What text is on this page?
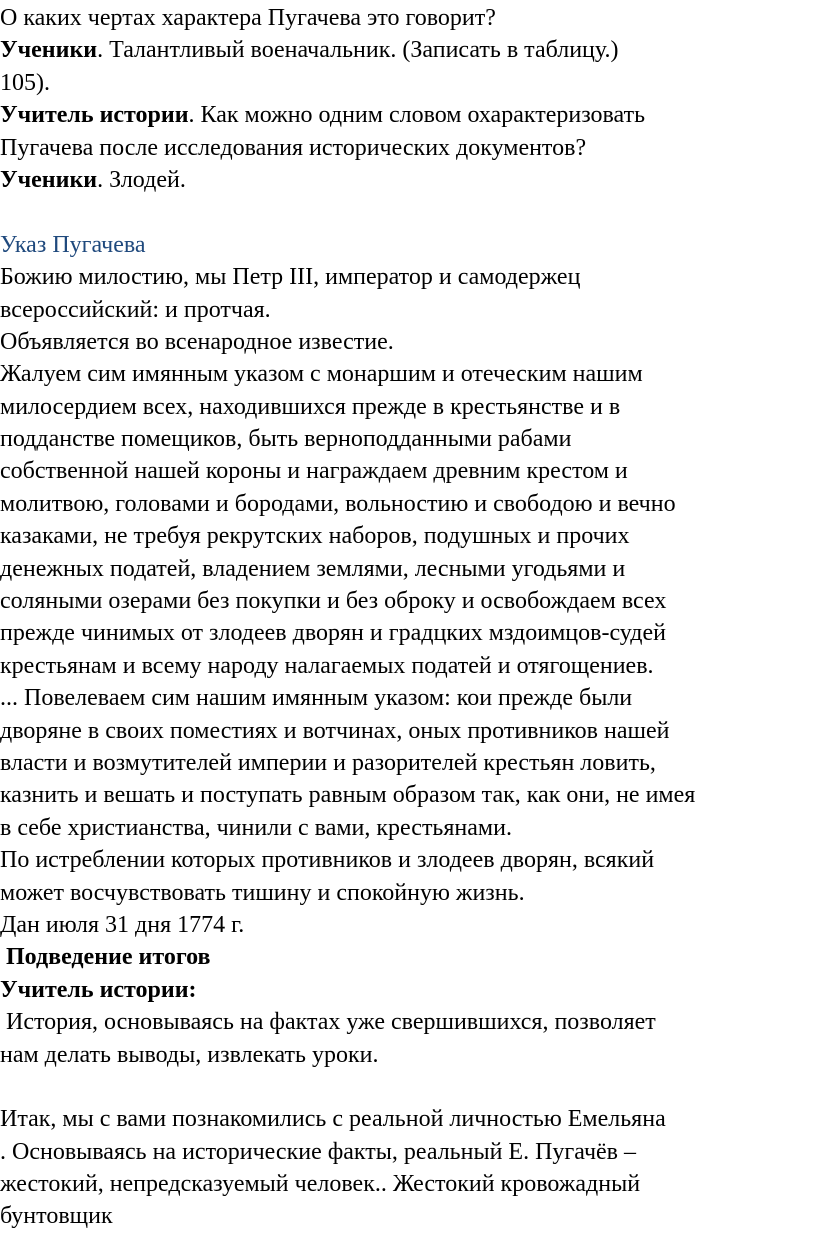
О каких чертах характера Пугачева это говорит?
Ученики. Талантливый военачальник. (Записать в таблицу.)
105).
Учитель истории. Как можно одним словом охарактеризовать
Пугачева после исследования исторических документов?
Ученики. Злодей.
Указ Пугачева
Божию милостию, мы Петр III, император и самодержец
всероссийский: и протчая.
Объявляется во всенародное известие.
Жалуем сим имянным указом с монаршим и отеческим нашим
милосердием всех, находившихся прежде в крестьянстве и в
подданстве помещиков, быть верноподданными рабами
собственной нашей короны и награждаем древним крестом и
молитвою, головами и бородами, вольностию и свободою и вечно
казаками, не требуя рекрутских наборов, подушных и прочих
денежных податей, владением землями, лесными угодьями и
соляными озерами без покупки и без оброку и освобождаем всех
прежде чинимых от злодеев дворян и градцких мздоимцов-судей
крестьянам и всему народу налагаемых податей и отягощениев.
... Повелеваем сим нашим имянным указом: кои прежде были
дворяне в своих поместиях и вотчинах, оных противников нашей
власти и возмутителей империи и разорителей крестьян ловить,
казнить и вешать и поступать равным образом так, как они, не имея
в себе христианства, чинили с вами, крестьянами.
По истреблении которых противников и злодеев дворян, всякий
может восчувствовать тишину и спокойную жизнь.
Дан июля 31 дня 1774 г.
Подведение итогов
Учитель истории:
История, основываясь на фактах уже свершившихся, позволяет
нам делать выводы, извлекать уроки.
Итак, мы с вами познакомились с реальной личностью Емельяна
. Основываясь на исторические факты, реальный Е. Пугачёв –
жестокий, непредсказуемый человек.. Жестокий кровожадный
бунтовщик
